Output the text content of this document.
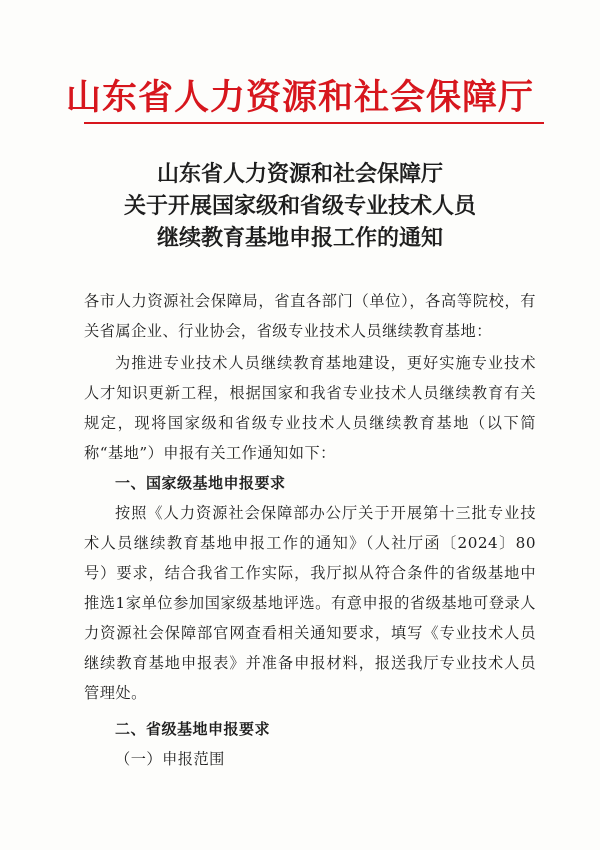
山东省人力资源和社会保障厅
山东省人力资源和社会保障厅
关于开展国家级和省级专业技术人员
继续教育基地申报工作的通知

各市人力资源社会保障局，省直各部门（单位），各高等院校，有关省属企业、行业协会，省级专业技术人员继续教育基地：

为推进专业技术人员继续教育基地建设，更好实施专业技术人才知识更新工程，根据国家和我省专业技术人员继续教育有关规定，现将国家级和省级专业技术人员继续教育基地（以下简称“基地”）申报有关工作通知如下：

一、国家级基地申报要求

按照《人力资源社会保障部办公厅关于开展第十三批专业技术人员继续教育基地申报工作的通知》（人社厅函〔2024〕80号）要求，结合我省工作实际，我厅拟从符合条件的省级基地中推选1家单位参加国家级基地评选。有意申报的省级基地可登录人力资源社会保障部官网查看相关通知要求，填写《专业技术人员继续教育基地申报表》并准备申报材料，报送我厅专业技术人员管理处。

二、省级基地申报要求

（一）申报范围
